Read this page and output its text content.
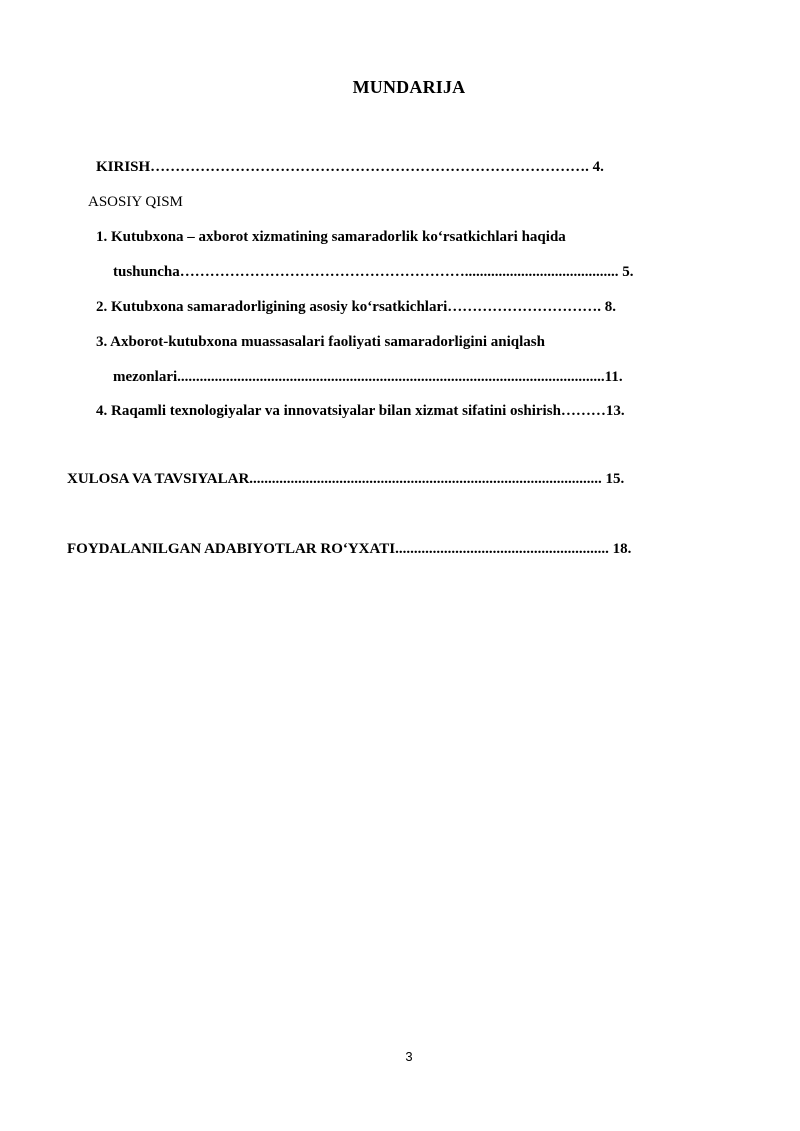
MUNDARIJA
KIRISH……………………………………………………………………………. 4.
ASOSIY QISM
1. Kutubxona – axborot xizmatining samaradorlik ko‘rsatkichlari haqida
tushuncha…………………………………………………......................................... 5.
2. Kutubxona samaradorligining asosiy ko‘rsatkichlari…………………………. 8.
3. Axborot-kutubxona muassasalari faoliyati samaradorligini aniqlash
mezonlari..................................................................................................................11.
4. Raqamli texnologiyalar va innovatsiyalar bilan xizmat sifatini oshirish………13.
XULOSA VA TAVSIYALAR.............................................................................................. 15.
FOYDALANILGAN ADABIYOTLAR RO‘YXATI......................................................... 18.
3
